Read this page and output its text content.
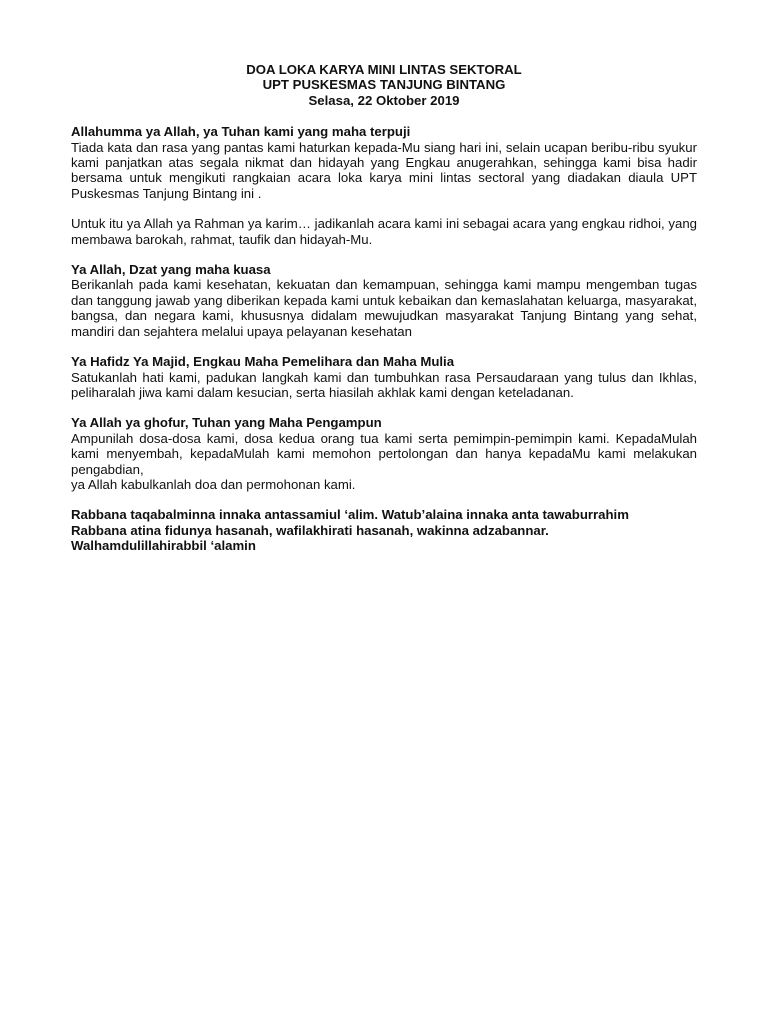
DOA LOKA KARYA MINI LINTAS SEKTORAL
UPT PUSKESMAS TANJUNG BINTANG
Selasa, 22 Oktober 2019
Allahumma ya Allah, ya Tuhan kami yang maha terpuji
Tiada kata dan rasa yang pantas kami haturkan kepada-Mu siang hari ini, selain ucapan beribu-ribu syukur kami panjatkan atas segala nikmat dan hidayah yang Engkau anugerahkan, sehingga kami bisa hadir bersama untuk mengikuti rangkaian acara loka karya mini lintas sectoral yang diadakan diaula UPT Puskesmas Tanjung Bintang ini .
Untuk itu ya Allah ya Rahman ya karim… jadikanlah acara kami ini sebagai acara yang engkau ridhoi, yang membawa barokah, rahmat, taufik dan hidayah-Mu.
Ya Allah, Dzat yang maha kuasa
Berikanlah pada kami kesehatan, kekuatan dan kemampuan, sehingga kami mampu mengemban tugas dan tanggung jawab yang diberikan kepada kami untuk kebaikan dan kemaslahatan keluarga, masyarakat, bangsa, dan negara kami, khususnya didalam mewujudkan masyarakat Tanjung Bintang yang sehat, mandiri dan sejahtera melalui upaya pelayanan kesehatan
Ya Hafidz Ya Majid, Engkau Maha Pemelihara dan Maha Mulia
Satukanlah hati kami, padukan langkah kami dan tumbuhkan rasa Persaudaraan yang tulus dan Ikhlas, peliharalah jiwa kami dalam kesucian, serta hiasilah akhlak kami dengan keteladanan.
Ya Allah ya ghofur, Tuhan yang Maha Pengampun
Ampunilah dosa-dosa kami, dosa kedua orang tua kami serta pemimpin-pemimpin kami. KepadaMulah kami menyembah, kepadaMulah kami memohon pertolongan dan hanya kepadaMu kami melakukan pengabdian,
ya Allah kabulkanlah doa dan permohonan kami.
Rabbana taqabalminna innaka antassamiul ‘alim. Watub’alaina innaka anta tawaburrahim
Rabbana atina fidunya hasanah, wafilakhirati hasanah, wakinna adzabannar.
Walhamdulillahirabbil ‘alamin
